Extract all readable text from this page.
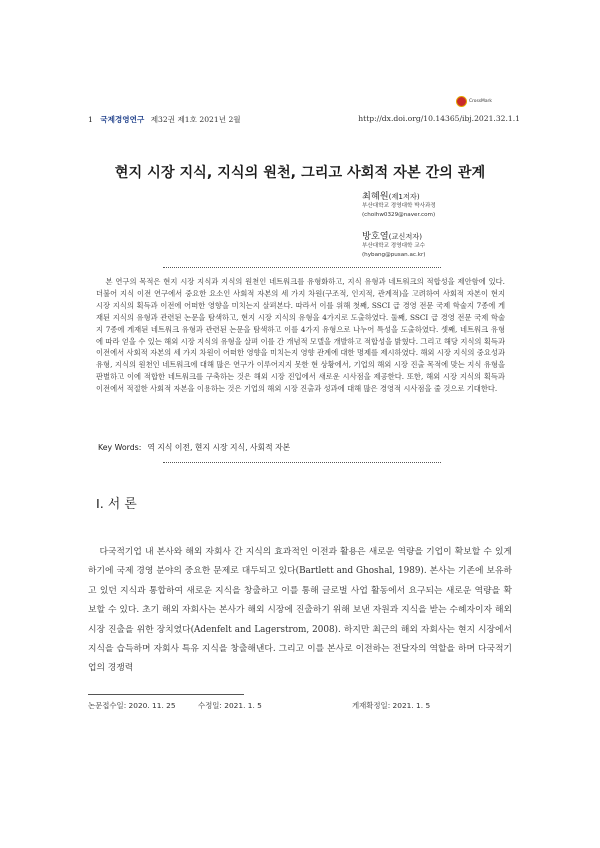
1 국제경영연구 제32권 제1호 2021년 2월	http://dx.doi.org/10.14365/ibj.2021.32.1.1
CrossMark
현지 시장 지식, 지식의 원천, 그리고 사회적 자본 간의 관계
최혜원(제1저자)
부산대학교 경영대학 박사과정
(choihw0329@naver.com)
방호열(교신저자)
부산대학교 경영대학 교수
(hybang@pusan.ac.kr)

본 연구의 목적은 현지 시장 지식과 지식의 원천인 네트워크를 유형화하고, 지식 유형과 네트워크의 적합성을 제안함에 있다. 더불어 지식 이전 연구에서 중요한 요소인 사회적 자본의 세 가지 차원(구조적, 인지적, 관계적)을 고려하여 사회적 자본이 현지 시장 지식의 획득과 이전에 어떠한 영향을 미치는지 살펴본다. 따라서 이를 위해 첫째, SSCI 급 경영 전문 국제 학술지 7종에 게재된 지식의 유형과 관련된 논문을 탐색하고, 현지 시장 지식의 유형을 4가지로 도출하였다. 둘째, SSCI 급 경영 전문 국제 학술지 7종에 게재된 네트워크 유형과 관련된 논문을 탐색하고 이를 4가지 유형으로 나누어 특성을 도출하였다. 셋째, 네트워크 유형에 따라 얻을 수 있는 해외 시장 지식의 유형을 살펴 이를 간 개념적 모델을 개발하고 적합성을 밝혔다. 그리고 해당 지식의 획득과 이전에서 사회적 자본의 세 가지 차원이 어떠한 영향을 미치는지 영향 관계에 대한 명제를 제시하였다. 해외 시장 지식의 중요성과 유형, 지식의 원천인 네트워크에 대해 많은 연구가 이루어지지 못한 현 상황에서, 기업의 해외 시장 진출 목적에 맞는 지식 유형을 판별하고 이에 적합한 네트워크를 구축하는 것은 해외 시장 진입에서 새로운 시사점을 제공한다. 또한, 해외 시장 지식의 획득과 이전에서 적절한 사회적 자본을 이용하는 것은 기업의 해외 시장 진출과 성과에 대해 많은 경영적 시사점을 줄 것으로 기대한다.

Key Words: 역 지식 이전, 현지 시장 지식, 사회적 자본
Ⅰ. 서 론

다국적기업 내 본사와 해외 자회사 간 지식의 효과적인 이전과 활용은 새로운 역량을 기업이 확보할 수 있게 하기에 국제 경영 분야의 중요한 문제로 대두되고 있다(Bartlett and Ghoshal, 1989). 본사는 기존에 보유하고 있던 지식과 통합하여 새로운 지식을 창출하고 이를 통해 글로벌 사업 활동에서 요구되는 새로운 역량을 확보할 수 있다. 초기 해외 자회사는 본사가 해외 시장에 진출하기 위해 보낸 자원과 지식을 받는 수혜자이자 해외 시장 진출을 위한 장치였다(Adenfelt and Lagerstrom, 2008). 하지만 최근의 해외 자회사는 현지 시장에서 지식을 습득하며 자회사 특유 지식을 창출해낸다. 그리고 이를 본사로 이전하는 전달자의 역할을 하며 다국적기업의 경쟁력

논문접수일: 2020. 11. 25	수정일: 2021. 1. 5	게재확정일: 2021. 1. 5
